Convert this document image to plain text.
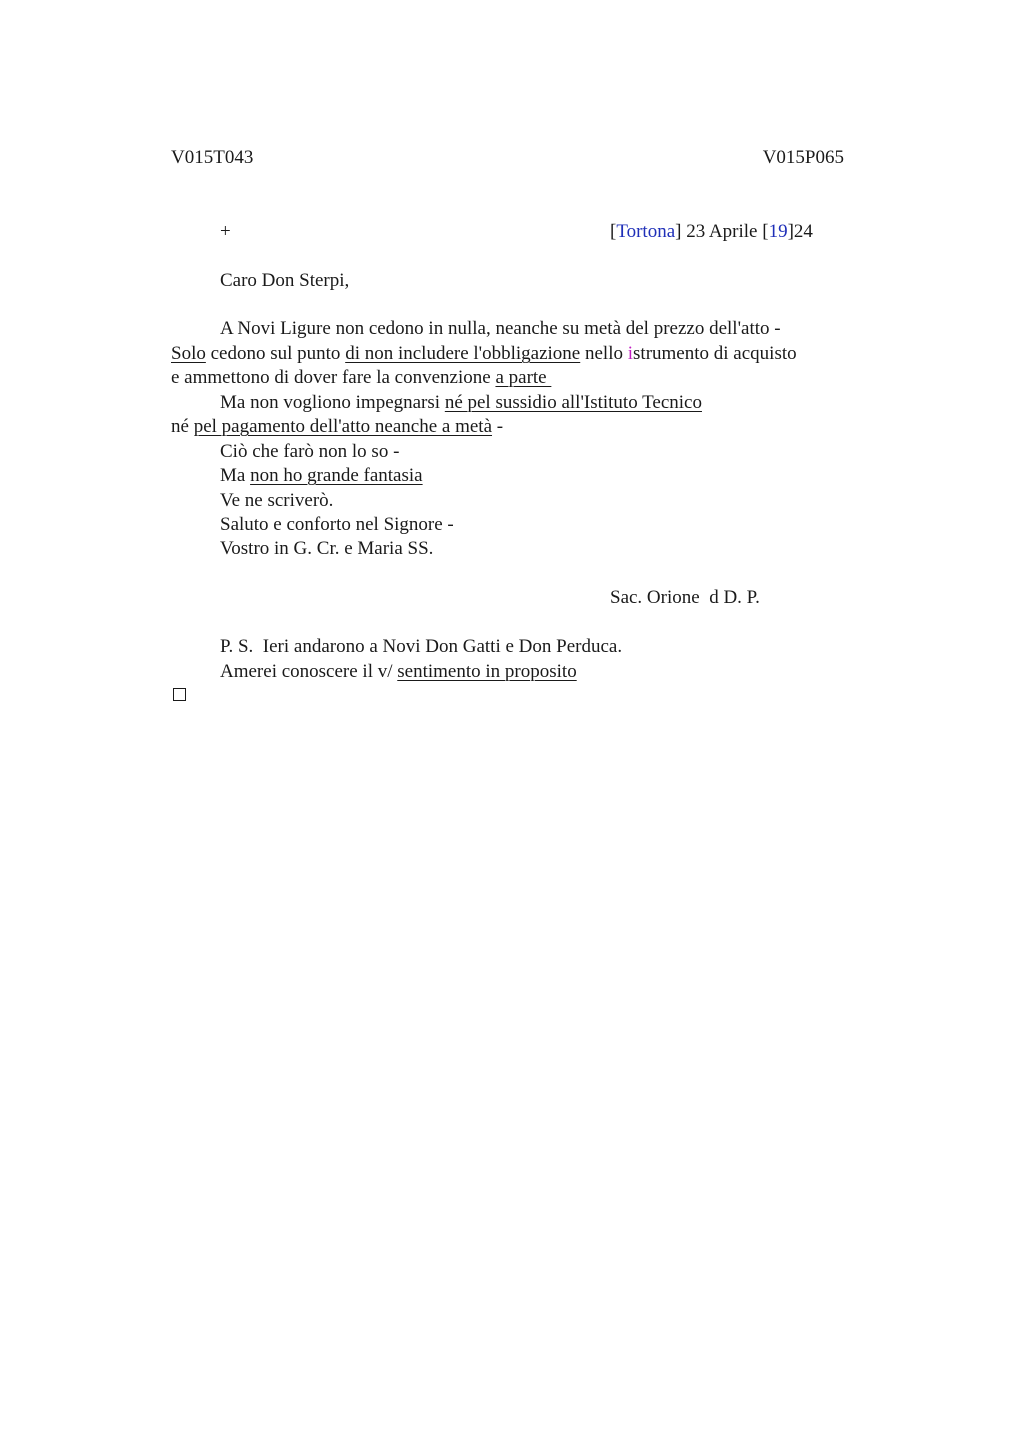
V015T043	V015P065
+	[Tortona] 23 Aprile [19]24
Caro Don Sterpi,
A Novi Ligure non cedono in nulla, neanche su metà del prezzo dell'atto -
Solo cedono sul punto di non includere l'obbligazione nello istrumento di acquisto
e ammettono di dover fare la convenzione a parte
Ma non vogliono impegnarsi né pel sussidio all'Istituto Tecnico
né pel pagamento dell'atto neanche a metà -
Ciò che farò non lo so -
Ma non ho grande fantasia
Ve ne scriverò.
Saluto e conforto nel Signore -
Vostro in G. Cr. e Maria SS.
Sac. Orione  d D. P.
P. S.  Ieri andarono a Novi Don Gatti e Don Perduca.
Amerei conoscere il v/ sentimento in proposito
